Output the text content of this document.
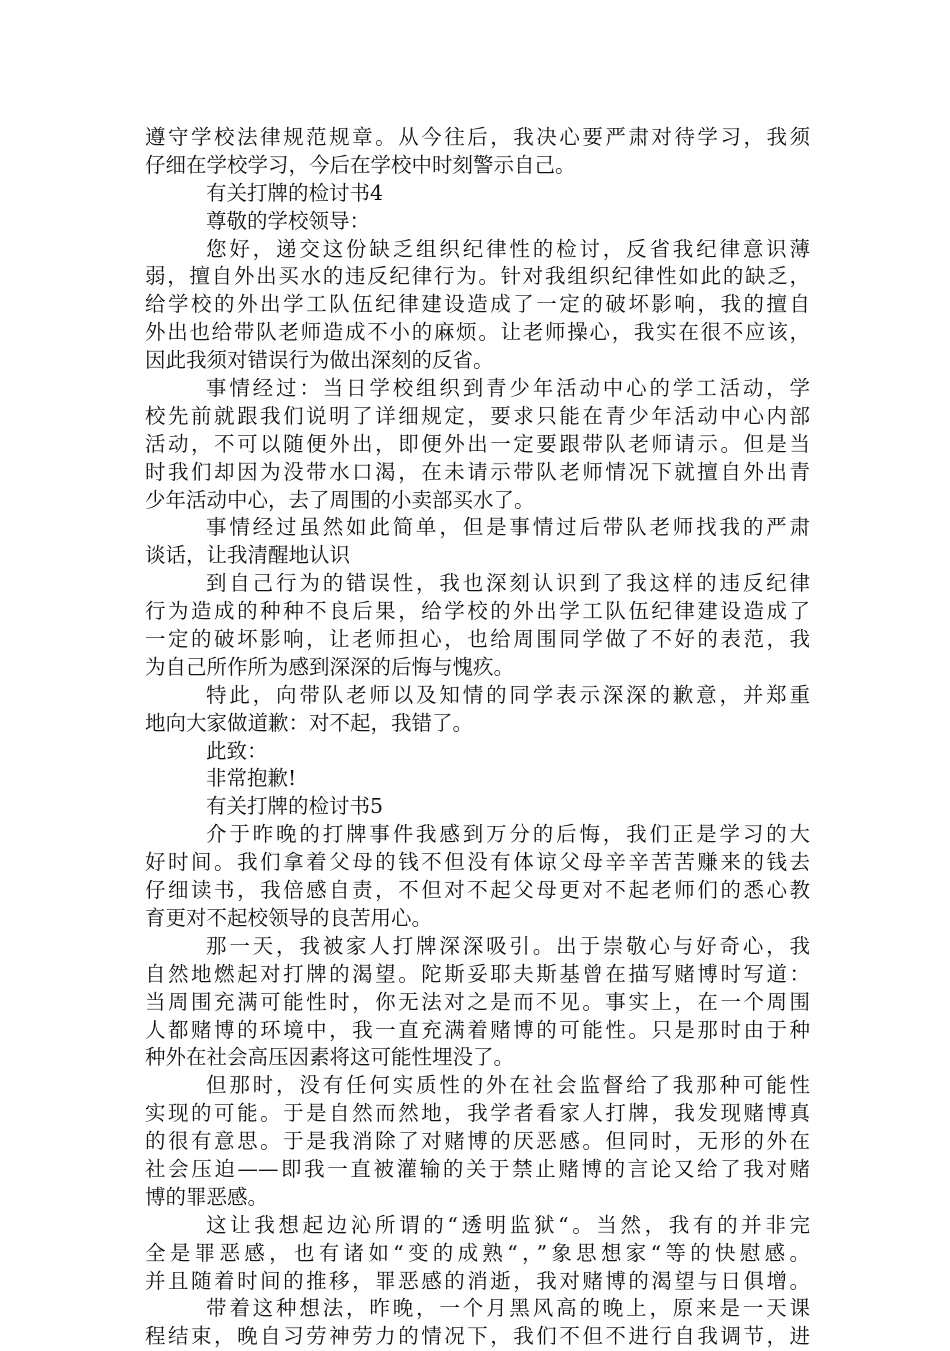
遵守学校法律规范规章。从今往后，我决心要严肃对待学习，我须
仔细在学校学习，今后在学校中时刻警示自己。
有关打牌的检讨书4
尊敬的学校领导：
您好，递交这份缺乏组织纪律性的检讨，反省我纪律意识薄
弱，擅自外出买水的违反纪律行为。针对我组织纪律性如此的缺乏，
给学校的外出学工队伍纪律建设造成了一定的破坏影响，我的擅自
外出也给带队老师造成不小的麻烦。让老师操心，我实在很不应该，
因此我须对错误行为做出深刻的反省。
事情经过：当日学校组织到青少年活动中心的学工活动，学
校先前就跟我们说明了详细规定，要求只能在青少年活动中心内部
活动，不可以随便外出，即便外出一定要跟带队老师请示。但是当
时我们却因为没带水口渴，在未请示带队老师情况下就擅自外出青
少年活动中心，去了周围的小卖部买水了。
事情经过虽然如此简单，但是事情过后带队老师找我的严肃
谈话，让我清醒地认识
到自己行为的错误性，我也深刻认识到了我这样的违反纪律
行为造成的种种不良后果，给学校的外出学工队伍纪律建设造成了
一定的破坏影响，让老师担心，也给周围同学做了不好的表范，我
为自己所作所为感到深深的后悔与愧疚。
特此，向带队老师以及知情的同学表示深深的歉意，并郑重
地向大家做道歉：对不起，我错了。
此致：
非常抱歉!
有关打牌的检讨书5
介于昨晚的打牌事件我感到万分的后悔，我们正是学习的大
好时间。我们拿着父母的钱不但没有体谅父母辛辛苦苦赚来的钱去
仔细读书，我倍感自责，不但对不起父母更对不起老师们的悉心教
育更对不起校领导的良苦用心。
那一天，我被家人打牌深深吸引。出于崇敬心与好奇心，我
自然地燃起对打牌的渴望。陀斯妥耶夫斯基曾在描写赌博时写道：
当周围充满可能性时，你无法对之是而不见。事实上，在一个周围
人都赌博的环境中，我一直充满着赌博的可能性。只是那时由于种
种外在社会高压因素将这可能性埋没了。
但那时，没有任何实质性的外在社会监督给了我那种可能性
实现的可能。于是自然而然地，我学者看家人打牌，我发现赌博真
的很有意思。于是我消除了对赌博的厌恶感。但同时，无形的外在
社会压迫——即我一直被灌输的关于禁止赌博的言论又给了我对赌
博的罪恶感。
这让我想起边沁所谓的“透明监狱“。当然，我有的并非完
全是罪恶感，也有诸如“变的成熟“，”象思想家“等的快慰感。
并且随着时间的推移，罪恶感的消逝，我对赌博的渴望与日俱增。
带着这种想法，昨晚，一个月黑风高的晚上，原来是一天课
程结束，晚自习劳神劳力的情况下，我们不但不进行自我调节，进
